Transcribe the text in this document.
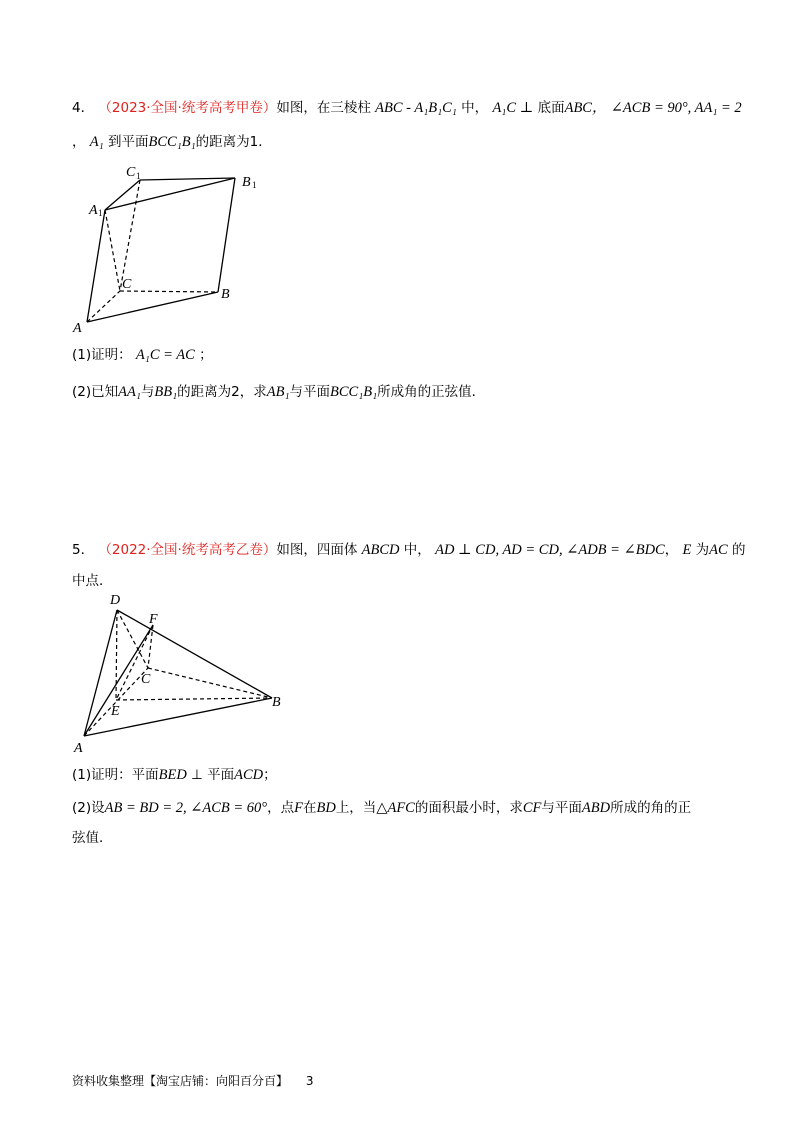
4． （2023·全国·统考高考甲卷）如图，在三棱柱 ABC - A₁B₁C₁ 中， A₁C ⊥ 底面ABC， ∠ACB = 90°, AA₁ = 2
， A₁ 到平面BCC₁B₁的距离为1．
C 1	B 1
A 1
C
B
A
(1)证明： A₁C = AC ；
(2)已知AA₁与BB₁的距离为2，求AB₁与平面BCC₁B₁所成角的正弦值．
5． （2022·全国·统考高考乙卷）如图，四面体 ABCD 中， AD ⊥ CD, AD = CD, ∠ADB = ∠BDC， E 为AC 的
中点．
D
F
C
E
B
A
(1)证明：平面BED ⊥ 平面ACD；
(2)设AB = BD = 2, ∠ACB = 60°，点F在BD上，当△AFC的面积最小时，求CF与平面ABD所成的角的正
弦值．
资料收集整理【淘宝店铺：向阳百分百】 3
